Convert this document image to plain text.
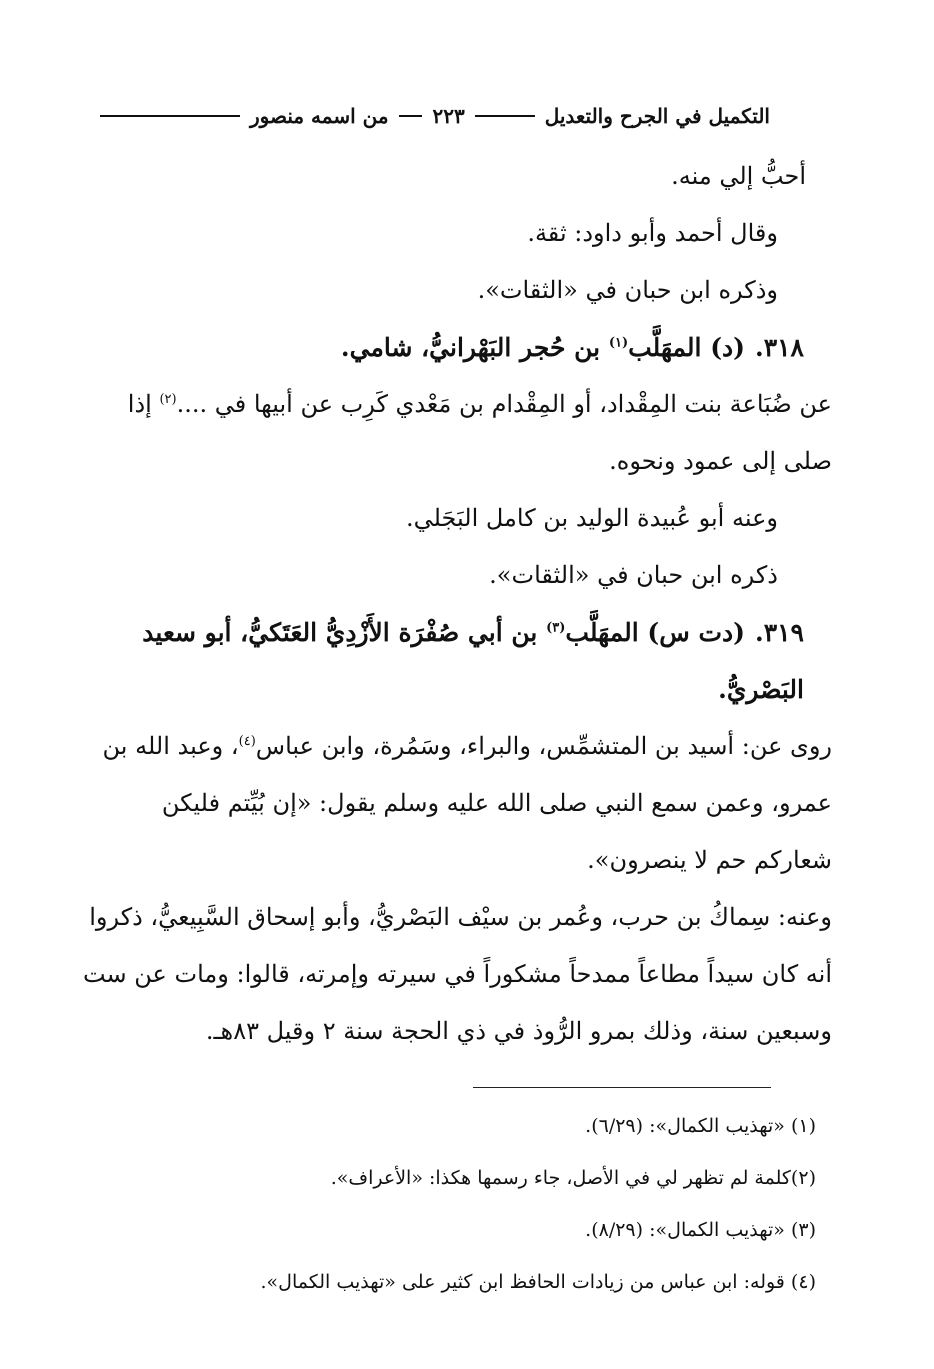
التكميل في الجرح والتعديل
٢٢٣
من اسمه منصور

أحبُّ إلي منه.

وقال أحمد وأبو داود: ثقة.

وذكره ابن حبان في «الثقات».

٣١٨.(د) المهَلَّب$^{(١)}$ بن حُجر البَهْرانيُّ، شامي.

عن ضُبَاعة بنت المِقْداد، أو المِقْدام بن مَعْدي كَرِب عن أبيها في ....$^{(٢)}$ إذا صلى إلى عمود ونحوه.

وعنه أبو عُبيدة الوليد بن كامل البَجَلي.

ذكره ابن حبان في «الثقات».

٣١٩.(دت س) المهَلَّب$^{(٣)}$ بن أبي صُفْرَة الأَزْدِيُّ العَتَكيُّ، أبو سعيد البَصْريُّ.

روى عن: أسيد بن المتشمِّس، والبراء، وسَمُرة، وابن عباس$^{(٤)}$، وعبد الله بن عمرو، وعمن سمع النبي صلى الله عليه وسلم يقول: «إن بُيِّتم فليكن شعاركم حم لا ينصرون».

وعنه: سِماكُ بن حرب، وعُمر بن سيْف البَصْريُّ، وأبو إسحاق السَّبِيعيُّ، ذكروا أنه كان سيداً مطاعاً ممدحاً مشكوراً في سيرته وإمرته، قالوا: ومات عن ست وسبعين سنة، وذلك بمرو الرُّوذ في ذي الحجة سنة ٢ وقيل ٨٣هـ.

(١) «تهذيب الكمال»: (٦/٢٩).

(٢)كلمة لم تظهر لي في الأصل، جاء رسمها هكذا: «الأعراف».

(٣) «تهذيب الكمال»: (٨/٢٩).

(٤) قوله: ابن عباس من زيادات الحافظ ابن كثير على «تهذيب الكمال».
